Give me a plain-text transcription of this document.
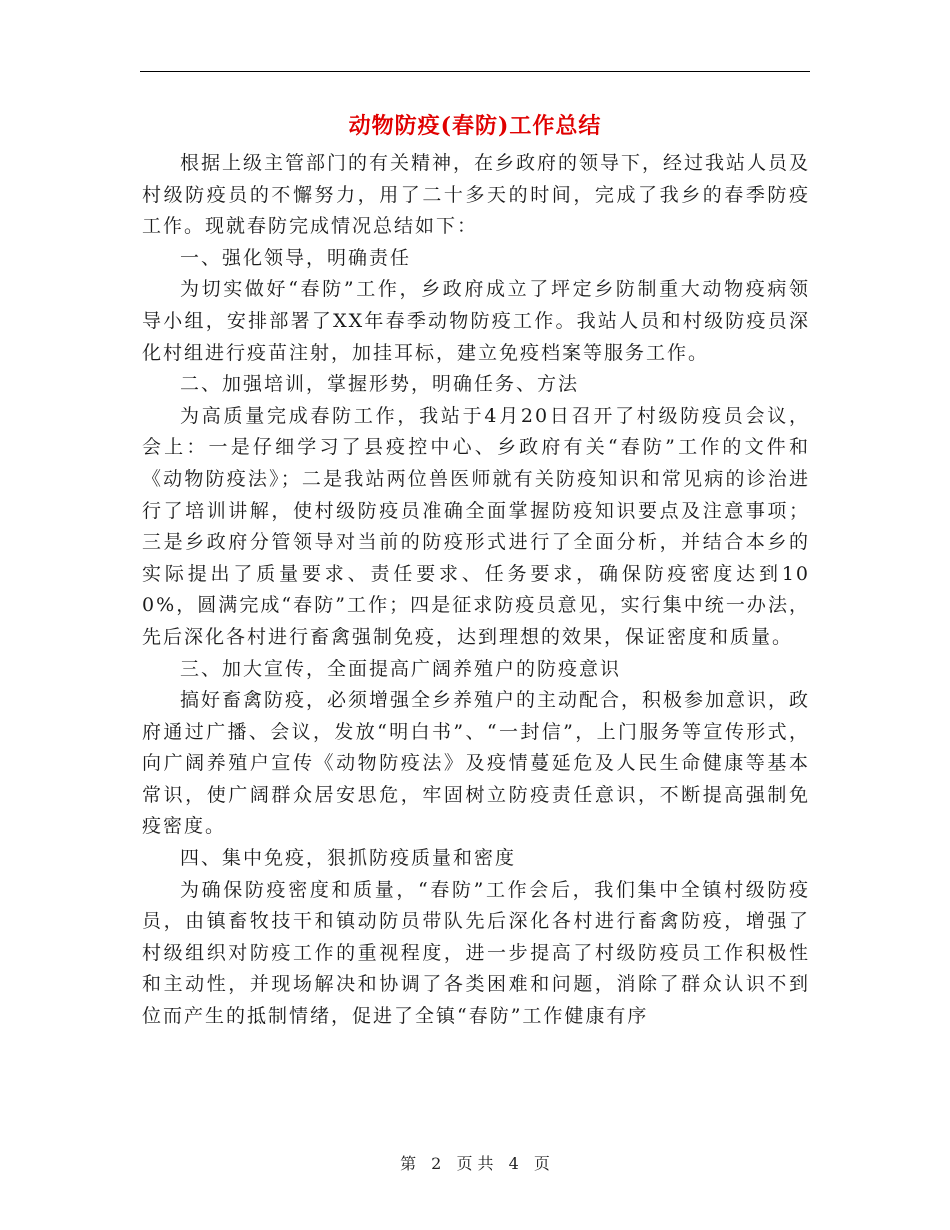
动物防疫(春防)工作总结

根据上级主管部门的有关精神，在乡政府的领导下，经过我站人员及村级防疫员的不懈努力，用了二十多天的时间，完成了我乡的春季防疫工作。现就春防完成情况总结如下：

一、强化领导，明确责任

为切实做好“春防”工作，乡政府成立了坪定乡防制重大动物疫病领导小组，安排部署了XX年春季动物防疫工作。我站人员和村级防疫员深化村组进行疫苗注射，加挂耳标，建立免疫档案等服务工作。

二、加强培训，掌握形势，明确任务、方法

为高质量完成春防工作，我站于4月20日召开了村级防疫员会议，会上：一是仔细学习了县疫控中心、乡政府有关“春防”工作的文件和《动物防疫法》；二是我站两位兽医师就有关防疫知识和常见病的诊治进行了培训讲解，使村级防疫员准确全面掌握防疫知识要点及注意事项；三是乡政府分管领导对当前的防疫形式进行了全面分析，并结合本乡的实际提出了质量要求、责任要求、任务要求，确保防疫密度达到100%，圆满完成“春防”工作；四是征求防疫员意见，实行集中统一办法，先后深化各村进行畜禽强制免疫，达到理想的效果，保证密度和质量。

三、加大宣传，全面提高广阔养殖户的防疫意识

搞好畜禽防疫，必须增强全乡养殖户的主动配合，积极参加意识，政府通过广播、会议，发放“明白书”、“一封信”，上门服务等宣传形式，向广阔养殖户宣传《动物防疫法》及疫情蔓延危及人民生命健康等基本常识，使广阔群众居安思危，牢固树立防疫责任意识，不断提高强制免疫密度。

四、集中免疫，狠抓防疫质量和密度

为确保防疫密度和质量，“春防”工作会后，我们集中全镇村级防疫员，由镇畜牧技干和镇动防员带队先后深化各村进行畜禽防疫，增强了村级组织对防疫工作的重视程度，进一步提高了村级防疫员工作积极性和主动性，并现场解决和协调了各类困难和问题，消除了群众认识不到位而产生的抵制情绪，促进了全镇“春防”工作健康有序

第 2 页 共 4 页
